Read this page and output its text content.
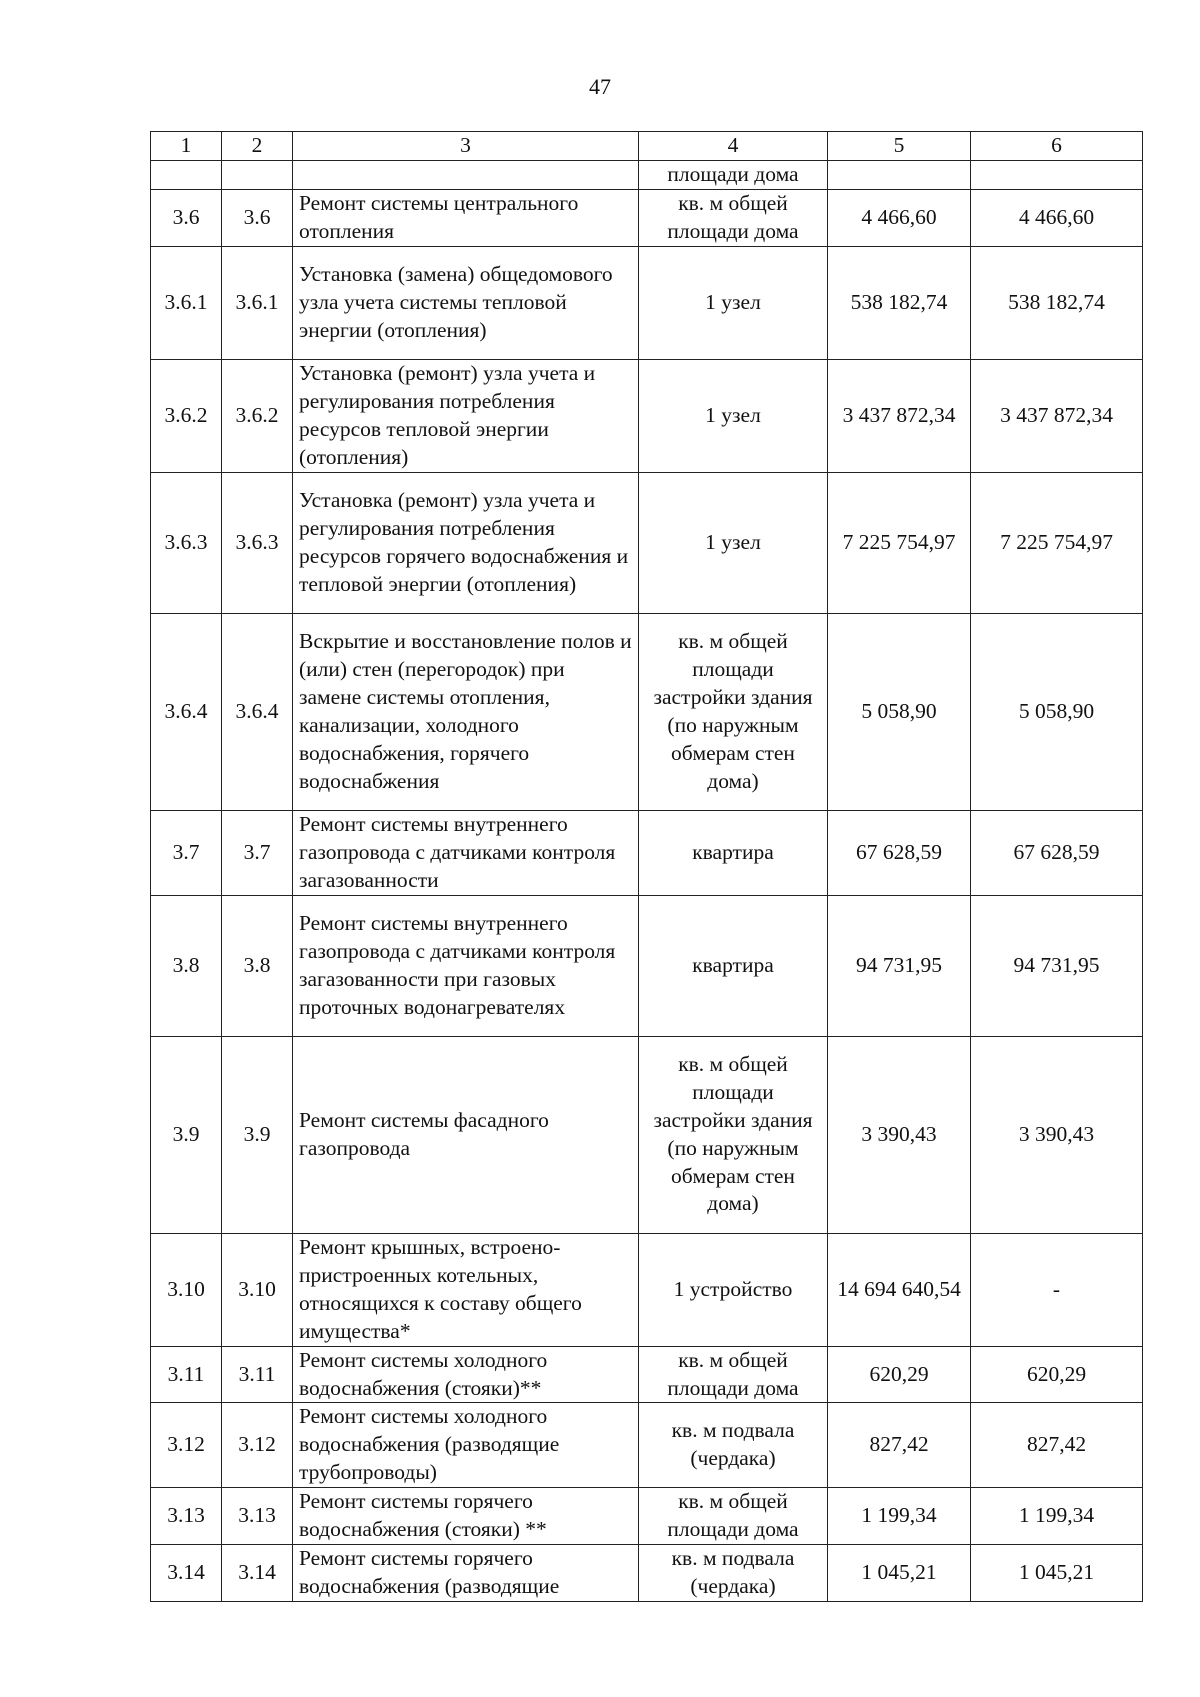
47
1	2	3	4	5	6
			площади дома		
3.6	3.6	Ремонт системы центрального отопления	кв. м общей площади дома	4 466,60	4 466,60
3.6.1	3.6.1	Установка (замена) общедомового узла учета системы тепловой энергии (отопления)	1 узел	538 182,74	538 182,74
3.6.2	3.6.2	Установка (ремонт) узла учета и регулирования потребления ресурсов тепловой энергии (отопления)	1 узел	3 437 872,34	3 437 872,34
3.6.3	3.6.3	Установка (ремонт) узла учета и регулирования потребления ресурсов горячего водоснабжения и тепловой энергии (отопления)	1 узел	7 225 754,97	7 225 754,97
3.6.4	3.6.4	Вскрытие и восстановление полов и (или) стен (перегородок) при замене системы отопления, канализации, холодного водоснабжения, горячего водоснабжения	кв. м общей площади застройки здания (по наружным обмерам стен дома)	5 058,90	5 058,90
3.7	3.7	Ремонт системы внутреннего газопровода с датчиками контроля загазованности	квартира	67 628,59	67 628,59
3.8	3.8	Ремонт системы внутреннего газопровода с датчиками контроля загазованности при газовых проточных водонагревателях	квартира	94 731,95	94 731,95
3.9	3.9	Ремонт системы фасадного газопровода	кв. м общей площади застройки здания (по наружным обмерам стен дома)	3 390,43	3 390,43
3.10	3.10	Ремонт крышных, встроено-пристроенных котельных, относящихся к составу общего имущества*	1 устройство	14 694 640,54	-
3.11	3.11	Ремонт системы холодного водоснабжения (стояки)**	кв. м общей площади дома	620,29	620,29
3.12	3.12	Ремонт системы холодного водоснабжения (разводящие трубопроводы)	кв. м подвала (чердака)	827,42	827,42
3.13	3.13	Ремонт системы горячего водоснабжения (стояки) **	кв. м общей площади дома	1 199,34	1 199,34
3.14	3.14	Ремонт системы горячего водоснабжения (разводящие	кв. м подвала (чердака)	1 045,21	1 045,21
